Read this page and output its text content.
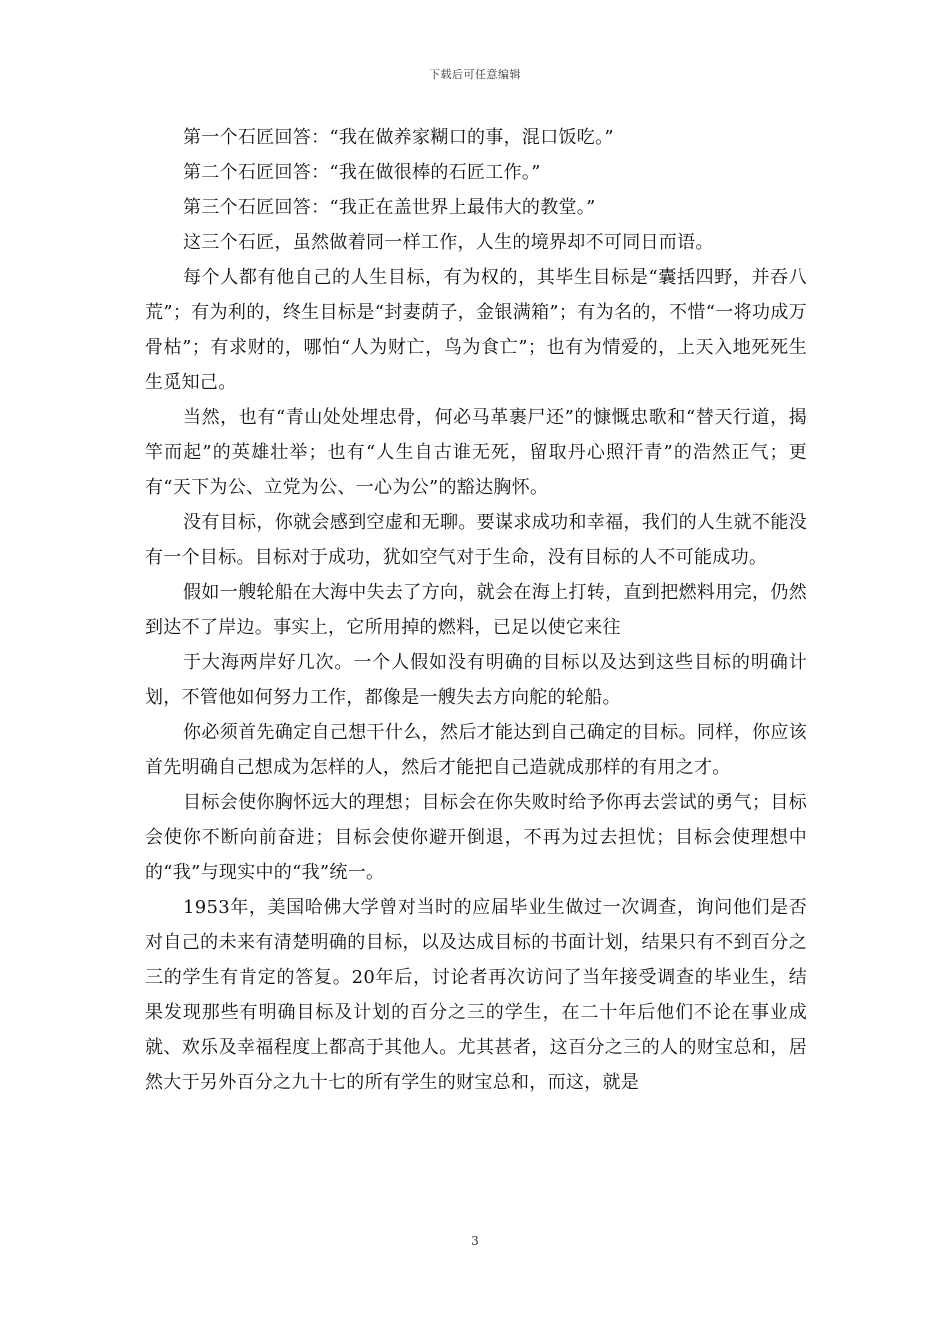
下载后可任意编辑

第一个石匠回答：“我在做养家糊口的事，混口饭吃。”

第二个石匠回答：“我在做很棒的石匠工作。”

第三个石匠回答：“我正在盖世界上最伟大的教堂。”

这三个石匠，虽然做着同一样工作，人生的境界却不可同日而语。

每个人都有他自己的人生目标，有为权的，其毕生目标是“囊括四野，并吞八荒”；有为利的，终生目标是“封妻荫子，金银满箱”；有为名的，不惜“一将功成万骨枯”；有求财的，哪怕“人为财亡，鸟为食亡”；也有为情爱的，上天入地死死生生觅知己。

当然，也有“青山处处埋忠骨，何必马革裹尸还”的慷慨忠歌和“替天行道，揭竿而起”的英雄壮举；也有“人生自古谁无死，留取丹心照汗青”的浩然正气；更有“天下为公、立党为公、一心为公”的豁达胸怀。

没有目标，你就会感到空虚和无聊。要谋求成功和幸福，我们的人生就不能没有一个目标。目标对于成功，犹如空气对于生命，没有目标的人不可能成功。

假如一艘轮船在大海中失去了方向，就会在海上打转，直到把燃料用完，仍然到达不了岸边。事实上，它所用掉的燃料，已足以使它来往

于大海两岸好几次。一个人假如没有明确的目标以及达到这些目标的明确计划，不管他如何努力工作，都像是一艘失去方向舵的轮船。

你必须首先确定自己想干什么，然后才能达到自己确定的目标。同样，你应该首先明确自己想成为怎样的人，然后才能把自己造就成那样的有用之才。

目标会使你胸怀远大的理想；目标会在你失败时给予你再去尝试的勇气；目标会使你不断向前奋进；目标会使你避开倒退，不再为过去担忧；目标会使理想中的“我”与现实中的“我”统一。

1953年，美国哈佛大学曾对当时的应届毕业生做过一次调查，询问他们是否对自己的未来有清楚明确的目标，以及达成目标的书面计划，结果只有不到百分之三的学生有肯定的答复。20年后，讨论者再次访问了当年接受调查的毕业生，结果发现那些有明确目标及计划的百分之三的学生，在二十年后他们不论在事业成就、欢乐及幸福程度上都高于其他人。尤其甚者，这百分之三的人的财宝总和，居然大于另外百分之九十七的所有学生的财宝总和，而这，就是

3
